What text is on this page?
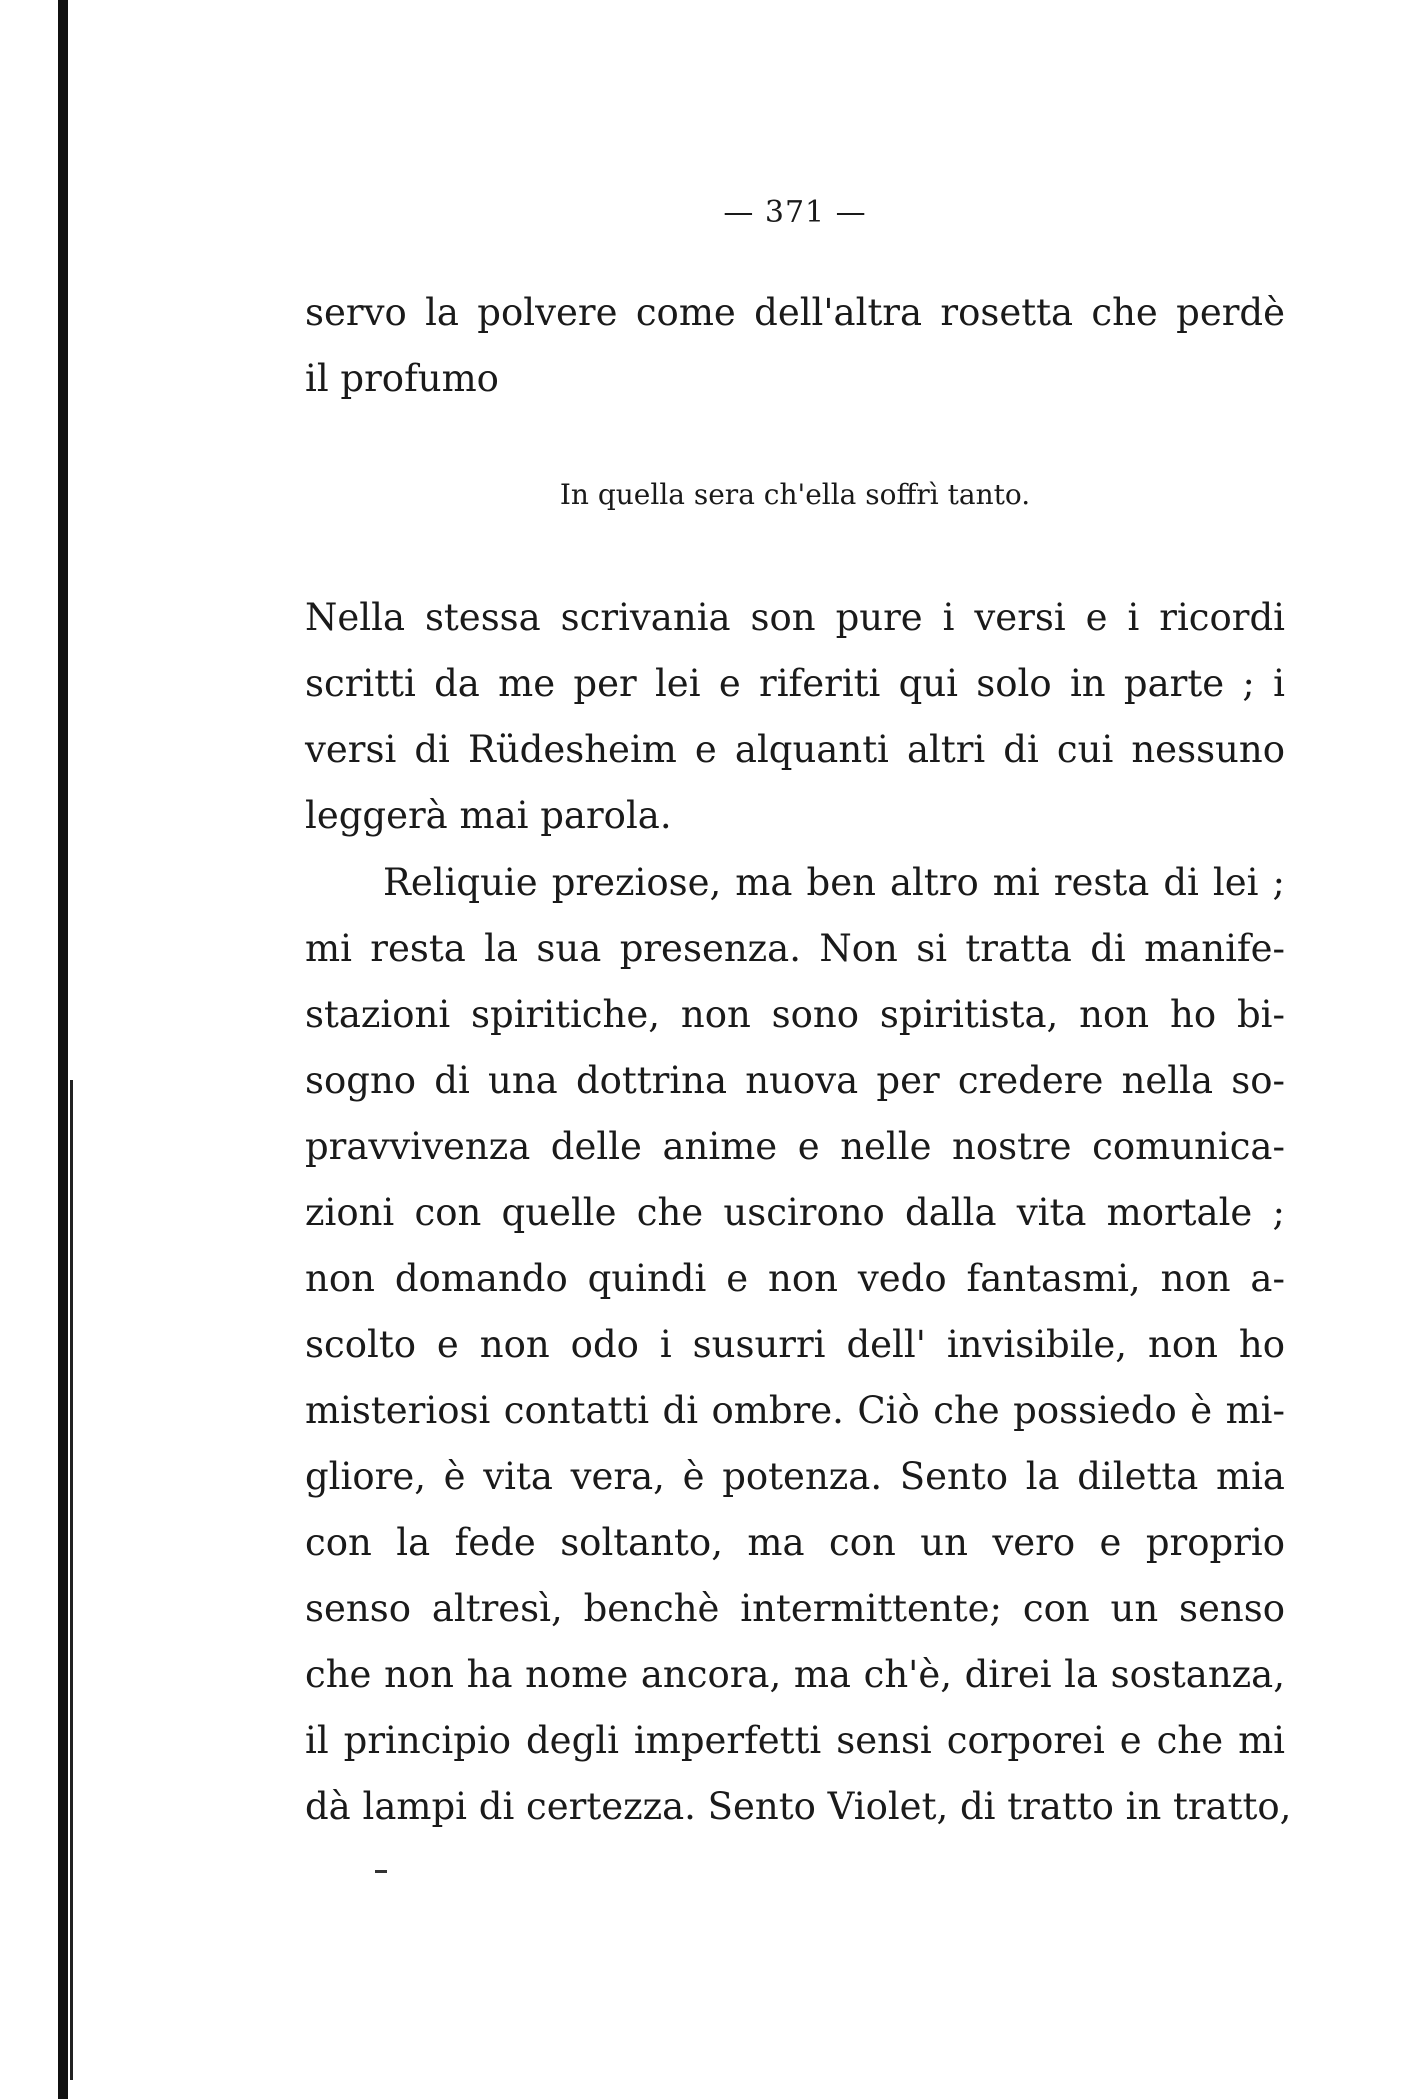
— 371 —
servo la polvere come dell'altra rosetta che perdè
il profumo
In quella sera ch'ella soffrì tanto.
Nella stessa scrivania son pure i versi e i ricordi
scritti da me per lei e riferiti qui solo in parte ; i
versi di Rüdesheim e alquanti altri di cui nessuno
leggerà mai parola.
Reliquie preziose, ma ben altro mi resta di lei ;
mi resta la sua presenza. Non si tratta di manife-
stazioni spiritiche, non sono spiritista, non ho bi-
sogno di una dottrina nuova per credere nella so-
pravvivenza delle anime e nelle nostre comunica-
zioni con quelle che uscirono dalla vita mortale ;
non domando quindi e non vedo fantasmi, non a-
scolto e non odo i susurri dell' invisibile, non ho
misteriosi contatti di ombre. Ciò che possiedo è mi-
gliore, è vita vera, è potenza. Sento la diletta mia
con la fede soltanto, ma con un vero e proprio
senso altresì, benchè intermittente; con un senso
che non ha nome ancora, ma ch'è, direi la sostanza,
il principio degli imperfetti sensi corporei e che mi
dà lampi di certezza. Sento Violet, di tratto in tratto,
